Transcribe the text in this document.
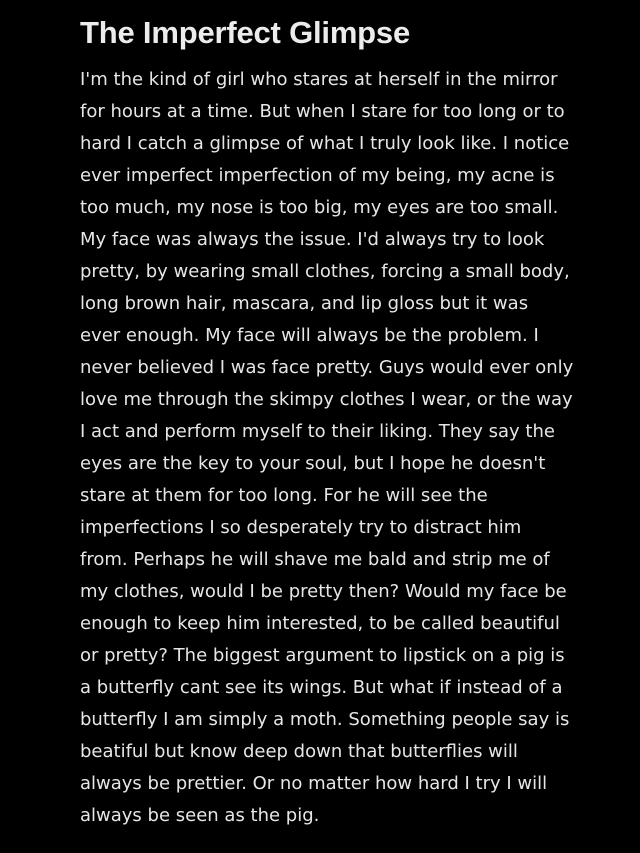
The Imperfect Glimpse
I'm the kind of girl who stares at herself in the mirror
for hours at a time. But when I stare for too long or to
hard I catch a glimpse of what I truly look like. I notice
ever imperfect imperfection of my being, my acne is
too much, my nose is too big, my eyes are too small.
My face was always the issue. I'd always try to look
pretty, by wearing small clothes, forcing a small body,
long brown hair, mascara, and lip gloss but it was
ever enough. My face will always be the problem. I
never believed I was face pretty. Guys would ever only
love me through the skimpy clothes I wear, or the way
I act and perform myself to their liking. They say the
eyes are the key to your soul, but I hope he doesn't
stare at them for too long. For he will see the
imperfections I so desperately try to distract him
from. Perhaps he will shave me bald and strip me of
my clothes, would I be pretty then? Would my face be
enough to keep him interested, to be called beautiful
or pretty? The biggest argument to lipstick on a pig is
a butterfly cant see its wings. But what if instead of a
butterfly I am simply a moth. Something people say is
beatiful but know deep down that butterflies will
always be prettier. Or no matter how hard I try I will
always be seen as the pig.
